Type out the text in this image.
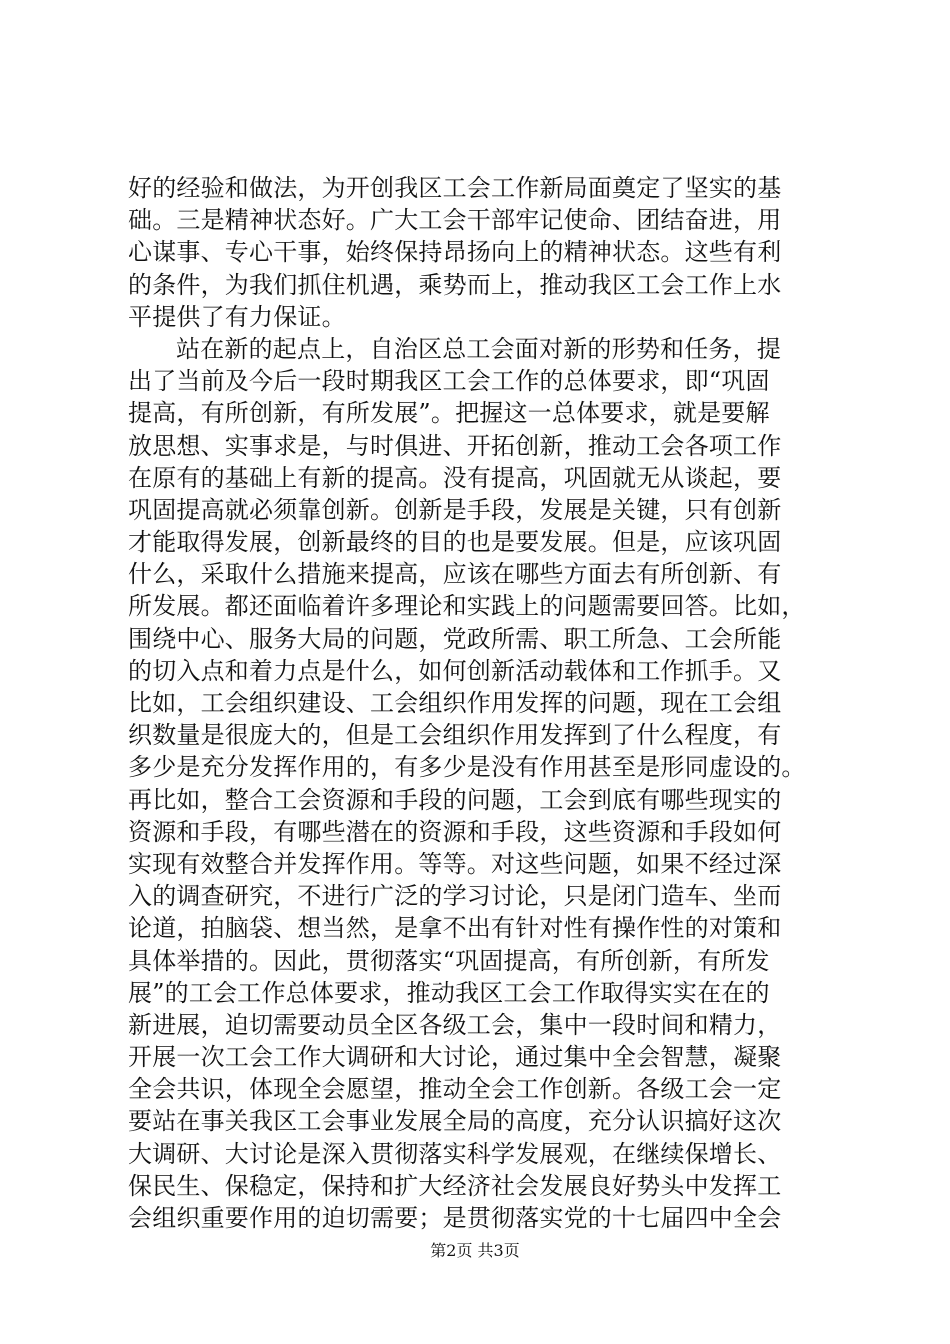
好的经验和做法，为开创我区工会工作新局面奠定了坚实的基
础。三是精神状态好。广大工会干部牢记使命、团结奋进，用
心谋事、专心干事，始终保持昂扬向上的精神状态。这些有利
的条件，为我们抓住机遇，乘势而上，推动我区工会工作上水
平提供了有力保证。
站在新的起点上，自治区总工会面对新的形势和任务，提
出了当前及今后一段时期我区工会工作的总体要求，即“巩固
提高，有所创新，有所发展”。把握这一总体要求，就是要解
放思想、实事求是，与时俱进、开拓创新，推动工会各项工作
在原有的基础上有新的提高。没有提高，巩固就无从谈起，要
巩固提高就必须靠创新。创新是手段，发展是关键，只有创新
才能取得发展，创新最终的目的也是要发展。但是，应该巩固
什么，采取什么措施来提高，应该在哪些方面去有所创新、有
所发展。都还面临着许多理论和实践上的问题需要回答。比如，
围绕中心、服务大局的问题，党政所需、职工所急、工会所能
的切入点和着力点是什么，如何创新活动载体和工作抓手。又
比如，工会组织建设、工会组织作用发挥的问题，现在工会组
织数量是很庞大的，但是工会组织作用发挥到了什么程度，有
多少是充分发挥作用的，有多少是没有作用甚至是形同虚设的。
再比如，整合工会资源和手段的问题，工会到底有哪些现实的
资源和手段，有哪些潜在的资源和手段，这些资源和手段如何
实现有效整合并发挥作用。等等。对这些问题，如果不经过深
入的调查研究，不进行广泛的学习讨论，只是闭门造车、坐而
论道，拍脑袋、想当然，是拿不出有针对性有操作性的对策和
具体举措的。因此，贯彻落实“巩固提高，有所创新，有所发
展”的工会工作总体要求，推动我区工会工作取得实实在在的
新进展，迫切需要动员全区各级工会，集中一段时间和精力，
开展一次工会工作大调研和大讨论，通过集中全会智慧，凝聚
全会共识，体现全会愿望，推动全会工作创新。各级工会一定
要站在事关我区工会事业发展全局的高度，充分认识搞好这次
大调研、大讨论是深入贯彻落实科学发展观，在继续保增长、
保民生、保稳定，保持和扩大经济社会发展良好势头中发挥工
会组织重要作用的迫切需要；是贯彻落实党的十七届四中全会
第2页 共3页
